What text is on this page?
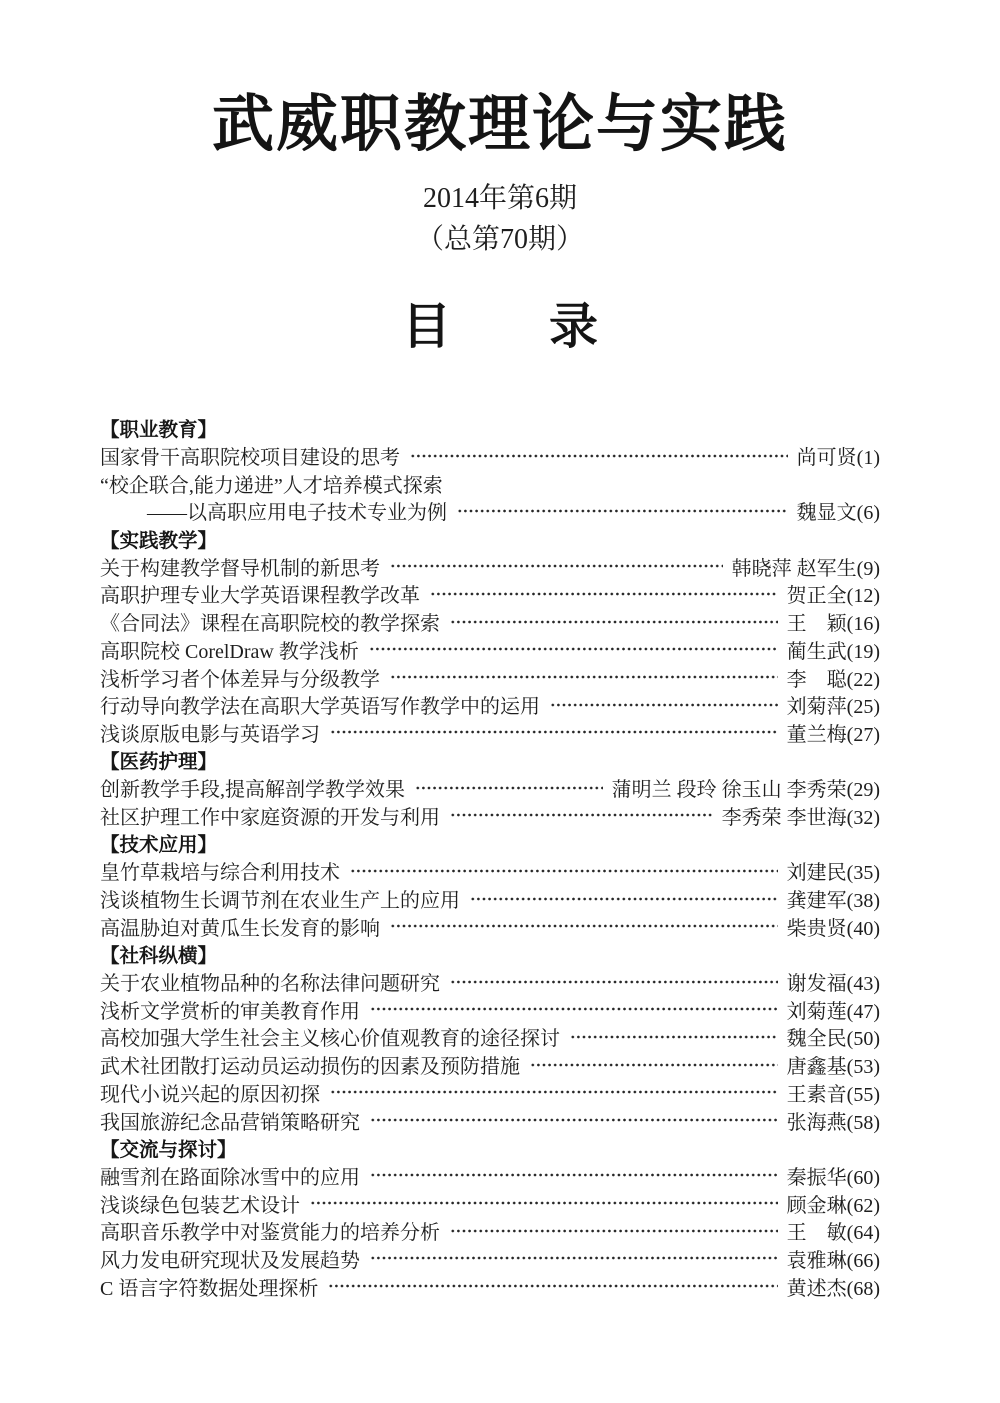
武威职教理论与实践
2014年第6期
（总第70期）
目　　录
【职业教育】
国家骨干高职院校项目建设的思考	尚可贤(1)
“校企联合,能力递进”人才培养模式探索
——以高职应用电子技术专业为例	魏显文(6)
【实践教学】
关于构建教学督导机制的新思考	韩晓萍 赵军生(9)
高职护理专业大学英语课程教学改革	贺正全(12)
《合同法》课程在高职院校的教学探索	王　颖(16)
高职院校 CorelDraw 教学浅析	蔺生武(19)
浅析学习者个体差异与分级教学	李　聪(22)
行动导向教学法在高职大学英语写作教学中的运用	刘菊萍(25)
浅谈原版电影与英语学习	董兰梅(27)
【医药护理】
创新教学手段,提高解剖学教学效果	蒲明兰 段玲 徐玉山 李秀荣(29)
社区护理工作中家庭资源的开发与利用	李秀荣 李世海(32)
【技术应用】
皇竹草栽培与综合利用技术	刘建民(35)
浅谈植物生长调节剂在农业生产上的应用	龚建军(38)
高温胁迫对黄瓜生长发育的影响	柴贵贤(40)
【社科纵横】
关于农业植物品种的名称法律问题研究	谢发福(43)
浅析文学赏析的审美教育作用	刘菊莲(47)
高校加强大学生社会主义核心价值观教育的途径探讨	魏全民(50)
武术社团散打运动员运动损伤的因素及预防措施	唐鑫基(53)
现代小说兴起的原因初探	王素音(55)
我国旅游纪念品营销策略研究	张海燕(58)
【交流与探讨】
融雪剂在路面除冰雪中的应用	秦振华(60)
浅谈绿色包装艺术设计	顾金琳(62)
高职音乐教学中对鉴赏能力的培养分析	王　敏(64)
风力发电研究现状及发展趋势	袁雅琳(66)
C 语言字符数据处理探析	黄述杰(68)
